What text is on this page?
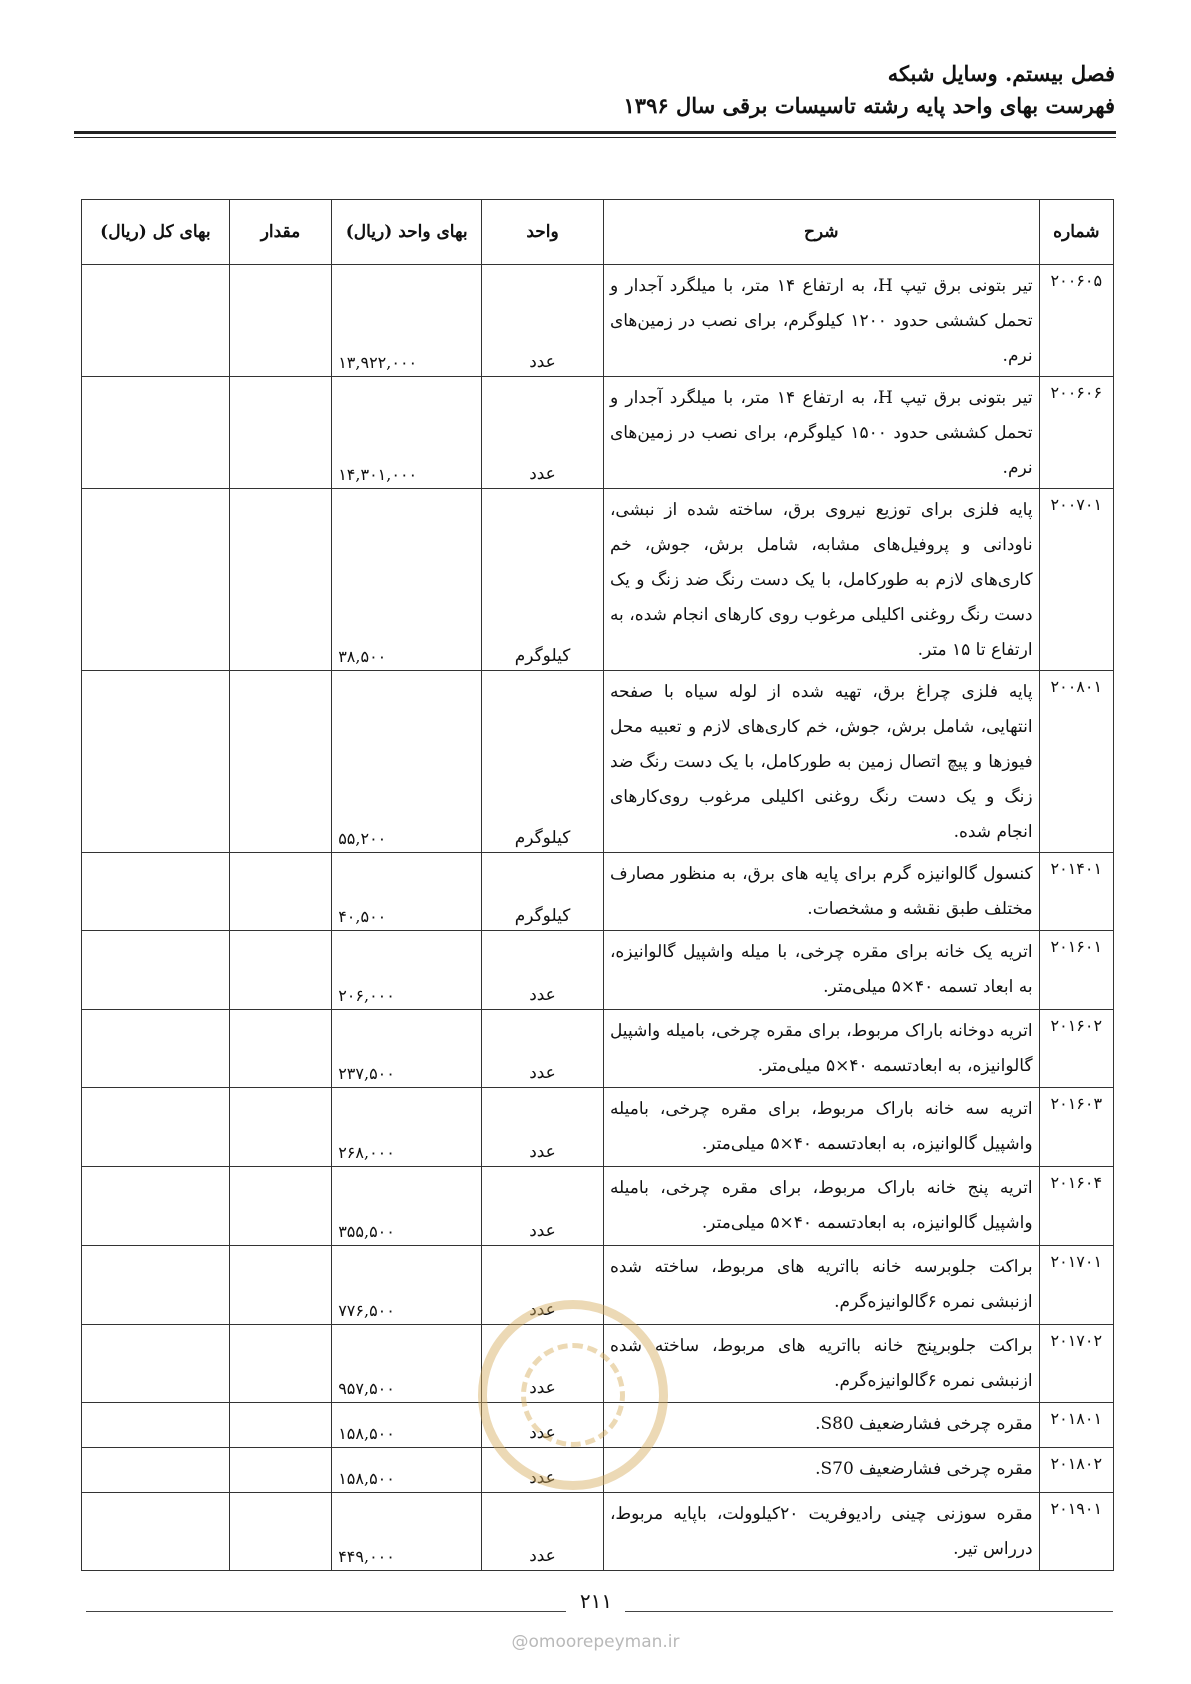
فصل بیستم. وسایل شبکه
فهرست بهای واحد پایه رشته تاسیسات برقی سال ۱۳۹۶
شماره	شرح	واحد	بهای واحد (ریال)	مقدار	بهای کل (ریال)
۲۰۰۶۰۵	تیر بتونی برق تیپ H، به ارتفاع ۱۴ متر، با میلگرد آجدار و تحمل کششی حدود ۱۲۰۰ کیلوگرم، برای نصب در زمین‌های نرم.	عدد	۱۳,۹۲۲,۰۰۰		
۲۰۰۶۰۶	تیر بتونی برق تیپ H، به ارتفاع ۱۴ متر، با میلگرد آجدار و تحمل کششی حدود ۱۵۰۰ کیلوگرم، برای نصب در زمین‌های نرم.	عدد	۱۴,۳۰۱,۰۰۰		
۲۰۰۷۰۱	پایه فلزی برای توزیع نیروی برق، ساخته شده از نبشی، ناودانی و پروفیل‌های مشابه، شامل برش، جوش، خم کاری‌های لازم به طورکامل، با یک دست رنگ ضد زنگ و یک دست رنگ روغنی اکلیلی مرغوب روی کارهای انجام شده، به ارتفاع تا ۱۵ متر.	کیلوگرم	۳۸,۵۰۰		
۲۰۰۸۰۱	پایه فلزی چراغ برق، تهیه شده از لوله سیاه با صفحه انتهایی، شامل برش، جوش، خم کاری‌های لازم و تعبیه محل فیوزها و پیچ اتصال زمین به طورکامل، با یک دست رنگ ضد زنگ و یک دست رنگ روغنی اکلیلی مرغوب روی‌کارهای انجام شده.	کیلوگرم	۵۵,۲۰۰		
۲۰۱۴۰۱	کنسول گالوانیزه گرم برای پایه های برق، به منظور مصارف مختلف طبق نقشه و مشخصات.	کیلوگرم	۴۰,۵۰۰		
۲۰۱۶۰۱	اتریه یک خانه برای مقره چرخی، با میله واشپیل گالوانیزه، به ابعاد تسمه ۴۰×۵ میلی‌متر.	عدد	۲۰۶,۰۰۰		
۲۰۱۶۰۲	اتریه دوخانه باراک مربوط، برای مقره چرخی، بامیله واشپیل گالوانیزه، به ابعادتسمه ۴۰×۵ میلی‌متر.	عدد	۲۳۷,۵۰۰		
۲۰۱۶۰۳	اتریه سه خانه باراک مربوط، برای مقره چرخی، بامیله واشپیل گالوانیزه، به ابعادتسمه ۴۰×۵ میلی‌متر.	عدد	۲۶۸,۰۰۰		
۲۰۱۶۰۴	اتریه پنج خانه باراک مربوط، برای مقره چرخی، بامیله واشپیل گالوانیزه، به ابعادتسمه ۴۰×۵ میلی‌متر.	عدد	۳۵۵,۵۰۰		
۲۰۱۷۰۱	براکت جلوبرسه خانه بااتریه های مربوط، ساخته شده ازنبشی نمره ۶گالوانیزه‌گرم.	عدد	۷۷۶,۵۰۰		
۲۰۱۷۰۲	براکت جلوبرپنج خانه بااتریه های مربوط، ساخته شده ازنبشی نمره ۶گالوانیزه‌گرم.	عدد	۹۵۷,۵۰۰		
۲۰۱۸۰۱	مقره چرخی فشارضعیف S80.	عدد	۱۵۸,۵۰۰		
۲۰۱۸۰۲	مقره چرخی فشارضعیف S70.	عدد	۱۵۸,۵۰۰		
۲۰۱۹۰۱	مقره سوزنی چینی رادیوفریت ۲۰کیلوولت، باپایه مربوط، درراس تیر.	عدد	۴۴۹,۰۰۰		
۲۱۱
@omoorepeyman.ir
